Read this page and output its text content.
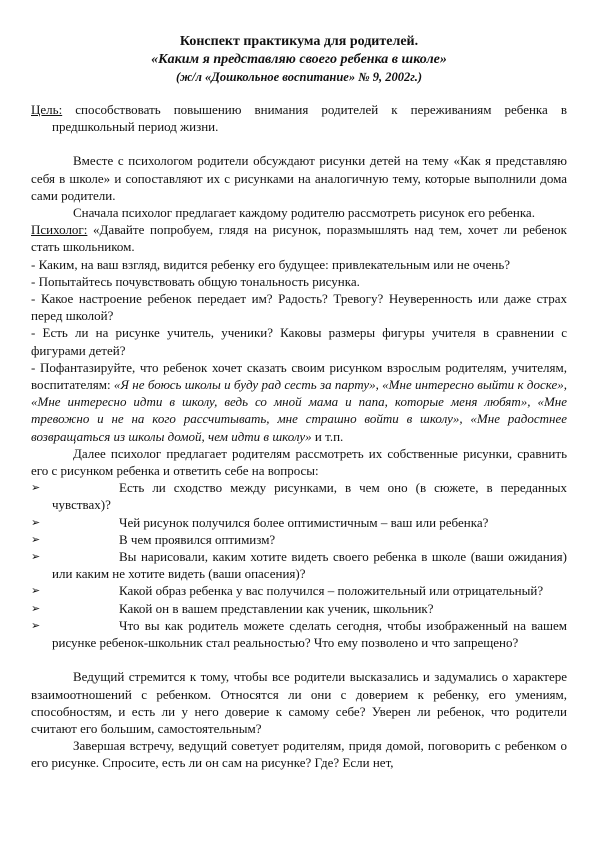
Конспект практикума для родителей.
«Каким я представляю своего ребенка в школе»
(ж/л «Дошкольное воспитание» № 9, 2002г.)

Цель: способствовать повышению внимания родителей к переживаниям ребенка в предшкольный период жизни.

Вместе с психологом родители обсуждают рисунки детей на тему «Как я представляю себя в школе» и сопоставляют их с рисунками на аналогичную тему, которые выполнили дома сами родители.

Сначала психолог предлагает каждому родителю рассмотреть рисунок его ребенка.

Психолог: «Давайте попробуем, глядя на рисунок, поразмышлять над тем, хочет ли ребенок стать школьником.

- Каким, на ваш взгляд, видится ребенку его будущее: привлекательным или не очень?

- Попытайтесь почувствовать общую тональность рисунка.

- Какое настроение ребенок передает им? Радость? Тревогу? Неуверенность или даже страх перед школой?

- Есть ли на рисунке учитель, ученики? Каковы размеры фигуры учителя в сравнении с фигурами детей?

- Пофантазируйте, что ребенок хочет сказать своим рисунком взрослым родителям, учителям, воспитателям: «Я не боюсь школы и буду рад сесть за парту», «Мне интересно выйти к доске», «Мне интересно идти в школу, ведь со мной мама и папа, которые меня любят», «Мне тревожно и не на кого рассчитывать, мне страшно войти в школу», «Мне радостнее возвращаться из школы домой, чем идти в школу» и т.п.

Далее психолог предлагает родителям рассмотреть их собственные рисунки, сравнить его с рисунком ребенка и ответить себе на вопросы:

➢	Есть ли сходство между рисунками, в чем оно (в сюжете, в переданных чувствах)?
➢	Чей рисунок получился более оптимистичным – ваш или ребенка?
➢	В чем проявился оптимизм?
➢	Вы нарисовали, каким хотите видеть своего ребенка в школе (ваши ожидания) или каким не хотите видеть (ваши опасения)?
➢	Какой образ ребенка у вас получился – положительный или отрицательный?
➢	Какой он в вашем представлении как ученик, школьник?
➢	Что вы как родитель можете сделать сегодня, чтобы изображенный на вашем рисунке ребенок-школьник стал реальностью? Что ему позволено и что запрещено?

Ведущий стремится к тому, чтобы все родители высказались и задумались о характере взаимоотношений с ребенком. Относятся ли они с доверием к ребенку, его умениям, способностям, и есть ли у него доверие к самому себе? Уверен ли ребенок, что родители считают его большим, самостоятельным?

Завершая встречу, ведущий советует родителям, придя домой, поговорить с ребенком о его рисунке. Спросите, есть ли он сам на рисунке? Где? Если нет,
